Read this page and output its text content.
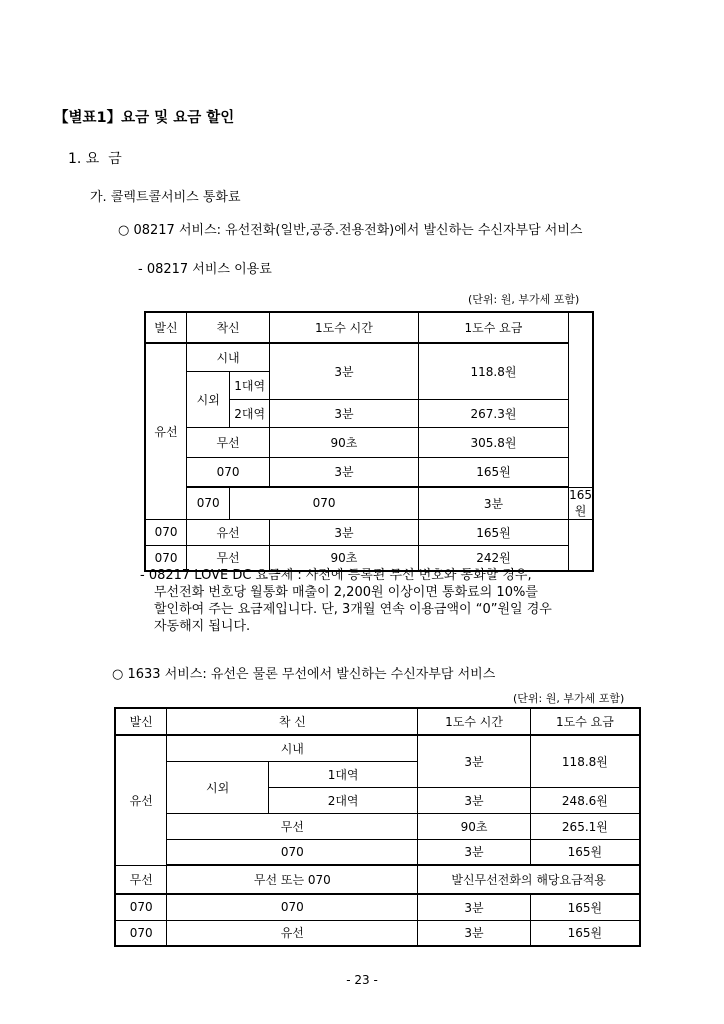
【별표1】요금 및 요금 할인
1. 요  금
가. 콜렉트콜서비스 통화료
○ 08217 서비스: 유선전화(일반,공중.전용전화)에서 발신하는 수신자부담 서비스
- 08217 서비스 이용료
(단위: 원, 부가세 포함)
발신	착신		1도수 시간	1도수 요금	
유선	시내		3분	118.8원	
	시외	1대역			
		2대역	3분	267.3원	
	무선		90초	305.8원	
	070		3분	165원	
	070	070		3분	165원
070	유선		3분	165원	
070	무선		90초	242원	
- 08217 LOVE DC 요금제 : 사전에 등록된 무선 번호와 통화할 경우,
무선전화 번호당 월통화 매출이 2,200원 이상이면 통화료의 10%를
할인하여 주는 요금제입니다. 단, 3개월 연속 이용금액이 “0”원일 경우
자동해지 됩니다.
○ 1633 서비스: 유선은 물론 무선에서 발신하는 수신자부담 서비스
(단위: 원, 부가세 포함)
발신	착 신		1도수 시간	1도수 요금
유선	시내		3분	118.8원
	시외	1대역		
		2대역	3분	248.6원
	무선		90초	265.1원
	070		3분	165원

무선	무선 또는 070		발신무선전화의 해당요금적용	
070	070		3분	165원
070	유선		3분	165원
- 23 -
